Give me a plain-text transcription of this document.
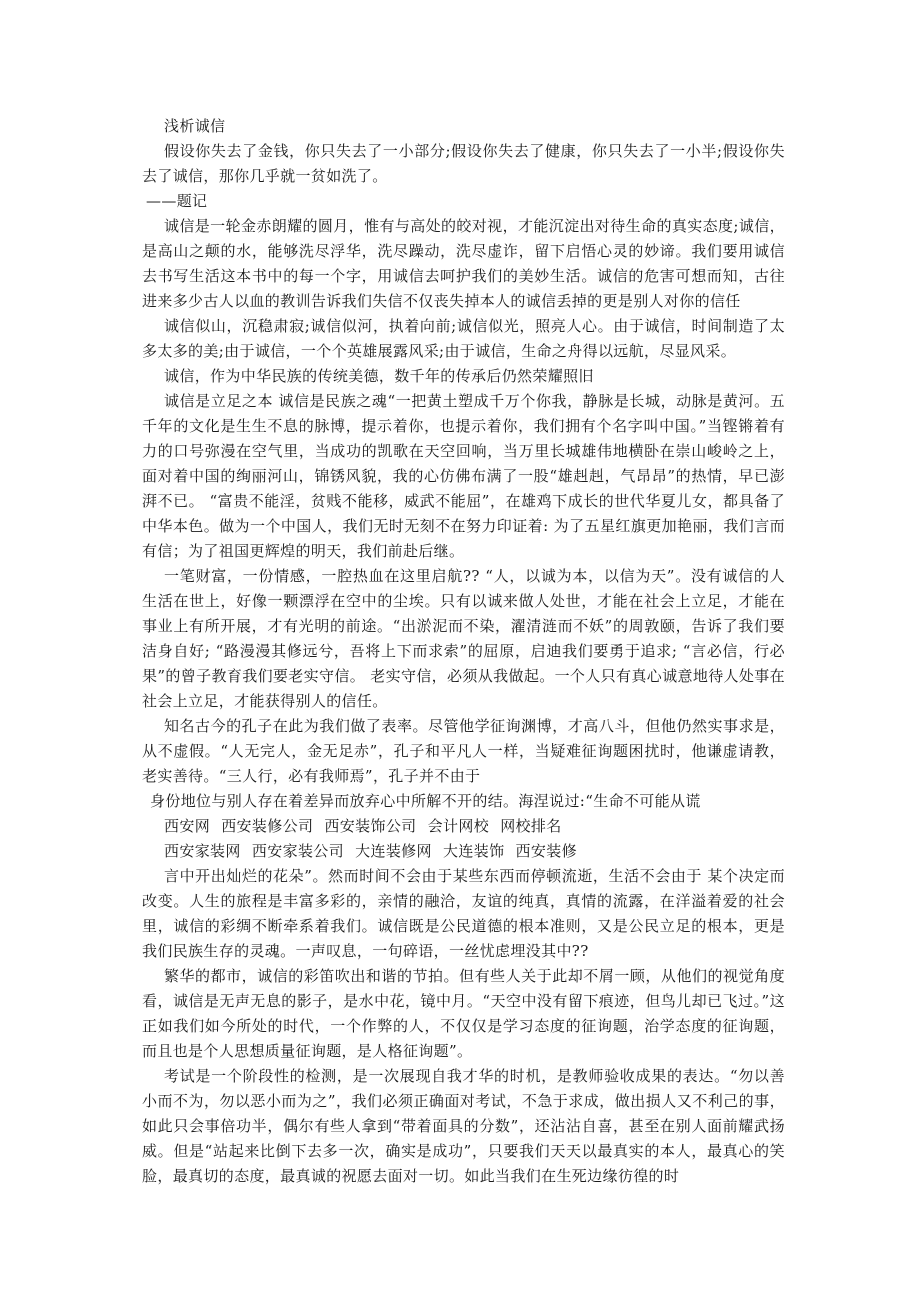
浅析诚信

假设你失去了金钱，你只失去了一小部分;假设你失去了健康，你只失去了一小半;假设你失去了诚信，那你几乎就一贫如洗了。

——题记

诚信是一轮金赤朗耀的圆月，惟有与高处的皎对视，才能沉淀出对待生命的真实态度;诚信，是高山之颠的水，能够洗尽浮华，洗尽躁动，洗尽虚诈，留下启悟心灵的妙谛。我们要用诚信去书写生活这本书中的每一个字，用诚信去呵护我们的美妙生活。诚信的危害可想而知，古往进来多少古人以血的教训告诉我们失信不仅丧失掉本人的诚信丢掉的更是别人对你的信任

诚信似山，沉稳肃寂;诚信似河，执着向前;诚信似光，照亮人心。由于诚信，时间制造了太多太多的美;由于诚信，一个个英雄展露风采;由于诚信，生命之舟得以远航，尽显风采。

诚信，作为中华民族的传统美德，数千年的传承后仍然荣耀照旧

诚信是立足之本 诚信是民族之魂“一把黄土塑成千万个你我，静脉是长城，动脉是黄河。五千年的文化是生生不息的脉博，提示着你，也提示着你，我们拥有个名字叫中国。”当铿锵着有力的口号弥漫在空气里，当成功的凯歌在天空回响，当万里长城雄伟地横卧在崇山峻岭之上，面对着中国的绚丽河山，锦锈风貌，我的心仿佛布满了一股“雄赳赳，气昂昂”的热情，早已澎湃不已。 “富贵不能淫，贫贱不能移，威武不能屈”，在雄鸡下成长的世代华夏儿女，都具备了中华本色。做为一个中国人，我们无时无刻不在努力印证着: 为了五星红旗更加艳丽，我们言而有信；为了祖国更辉煌的明天，我们前赴后继。

一笔财富，一份情感，一腔热血在这里启航?? “人，以诚为本，以信为天”。没有诚信的人生活在世上，好像一颗漂浮在空中的尘埃。只有以诚来做人处世，才能在社会上立足，才能在事业上有所开展，才有光明的前途。“出淤泥而不染，濯清涟而不妖”的周敦颐，告诉了我们要洁身自好; “路漫漫其修远兮，吾将上下而求索”的屈原，启迪我们要勇于追求; “言必信，行必果”的曾子教育我们要老实守信。 老实守信，必须从我做起。一个人只有真心诚意地待人处事在社会上立足，才能获得别人的信任。

知名古今的孔子在此为我们做了表率。尽管他学征询渊博，才高八斗，但他仍然实事求是，从不虚假。“人无完人，金无足赤”，孔子和平凡人一样，当疑难征询题困扰时，他谦虚请教，老实善待。“三人行，必有我师焉”，孔子并不由于

身份地位与别人存在着差异而放弃心中所解不开的结。海涅说过:“生命不可能从谎

西安网 西安装修公司 西安装饰公司 会计网校 网校排名

西安家装网 西安家装公司 大连装修网 大连装饰 西安装修

言中开出灿烂的花朵”。然而时间不会由于某些东西而停顿流逝，生活不会由于 某个决定而改变。人生的旅程是丰富多彩的，亲情的融洽，友谊的纯真，真情的流露，在洋溢着爱的社会里，诚信的彩绸不断牵系着我们。诚信既是公民道德的根本准则，又是公民立足的根本，更是我们民族生存的灵魂。一声叹息，一句碎语，一丝忧虑埋没其中??

繁华的都市，诚信的彩笛吹出和谐的节拍。但有些人关于此却不屑一顾，从他们的视觉角度看，诚信是无声无息的影子，是水中花，镜中月。“天空中没有留下痕迹，但鸟儿却已飞过。”这正如我们如今所处的时代，一个作弊的人，不仅仅是学习态度的征询题，治学态度的征询题，而且也是个人思想质量征询题，是人格征询题”。

考试是一个阶段性的检测，是一次展现自我才华的时机，是教师验收成果的表达。“勿以善小而不为，勿以恶小而为之”，我们必须正确面对考试，不急于求成，做出损人又不利己的事，如此只会事倍功半，偶尔有些人拿到“带着面具的分数”，还沾沾自喜，甚至在别人面前耀武扬威。但是“站起来比倒下去多一次，确实是成功”，只要我们天天以最真实的本人，最真心的笑脸，最真切的态度，最真诚的祝愿去面对一切。如此当我们在生死边缘彷徨的时
